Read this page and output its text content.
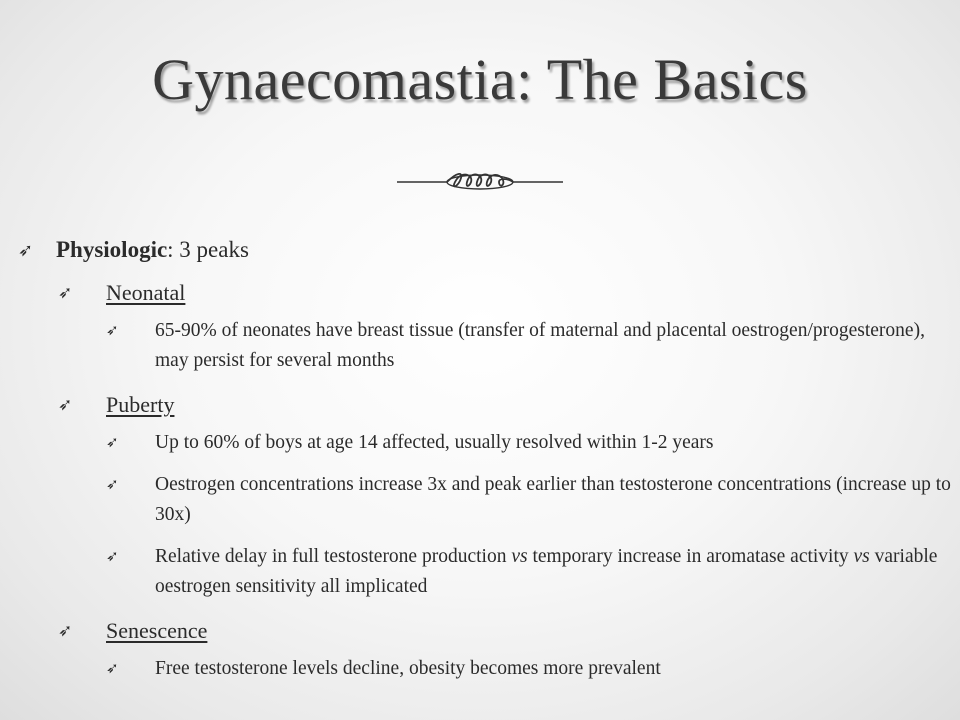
Gynaecomastia: The Basics
➶ Physiologic: 3 peaks
➶	Neonatal
➶	65-90% of neonates have breast tissue (transfer of maternal and placental oestrogen/progesterone), may persist for several months
➶	Puberty
➶	Up to 60% of boys at age 14 affected, usually resolved within 1-2 years
➶	Oestrogen concentrations increase 3x and peak earlier than testosterone concentrations (increase up to 30x)
➶	Relative delay in full testosterone production vs temporary increase in aromatase activity vs variable oestrogen sensitivity all implicated
➶	Senescence
➶	Free testosterone levels decline, obesity becomes more prevalent
